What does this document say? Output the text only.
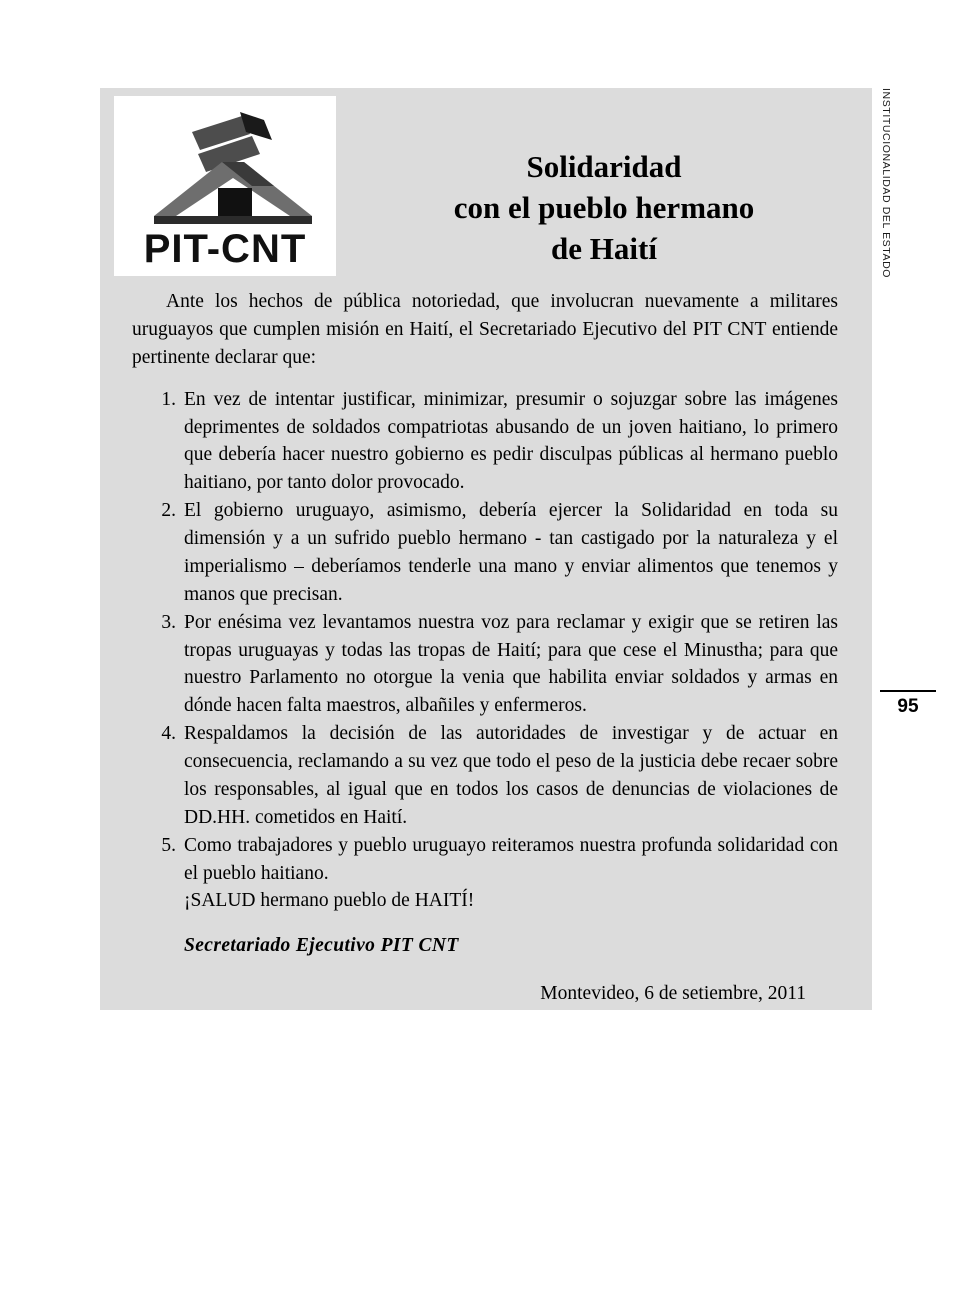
INSTITUCIONALIDAD DEL ESTADO
95
PIT-CNT
Solidaridad
con el pueblo hermano
de Haití

Ante los hechos de pública notoriedad, que involucran nuevamente a militares uruguayos que cumplen misión en Haití, el Secretariado Ejecutivo del PIT CNT entiende pertinente declarar que:

1. En vez de intentar justificar, minimizar, presumir o sojuzgar sobre las imágenes deprimentes de soldados compatriotas abusando de un joven haitiano, lo primero que debería hacer nuestro gobierno es pedir disculpas públicas al hermano pueblo haitiano, por tanto dolor provocado.
2. El gobierno uruguayo, asimismo, debería ejercer la Solidaridad en toda su dimensión y a un sufrido pueblo hermano - tan castigado por la naturaleza y el imperialismo – deberíamos tenderle una mano y enviar alimentos que tenemos y manos que precisan.
3. Por enésima vez levantamos nuestra voz para reclamar y exigir que se retiren las tropas uruguayas y todas las tropas de Haití; para que cese el Minustha; para que nuestro Parlamento no otorgue la venia que habilita enviar soldados y armas en dónde hacen falta maestros, albañiles y enfermeros.
4. Respaldamos la decisión de las autoridades de investigar y de actuar en consecuencia, reclamando a su vez que todo el peso de la justicia debe recaer sobre los responsables, al igual que en todos los casos de denuncias de violaciones de DD.HH. cometidos en Haití.
5. Como trabajadores y pueblo uruguayo reiteramos nuestra profunda solidaridad con el pueblo haitiano.
¡SALUD hermano pueblo de HAITÍ!
Secretariado Ejecutivo PIT CNT
Montevideo, 6 de setiembre, 2011
